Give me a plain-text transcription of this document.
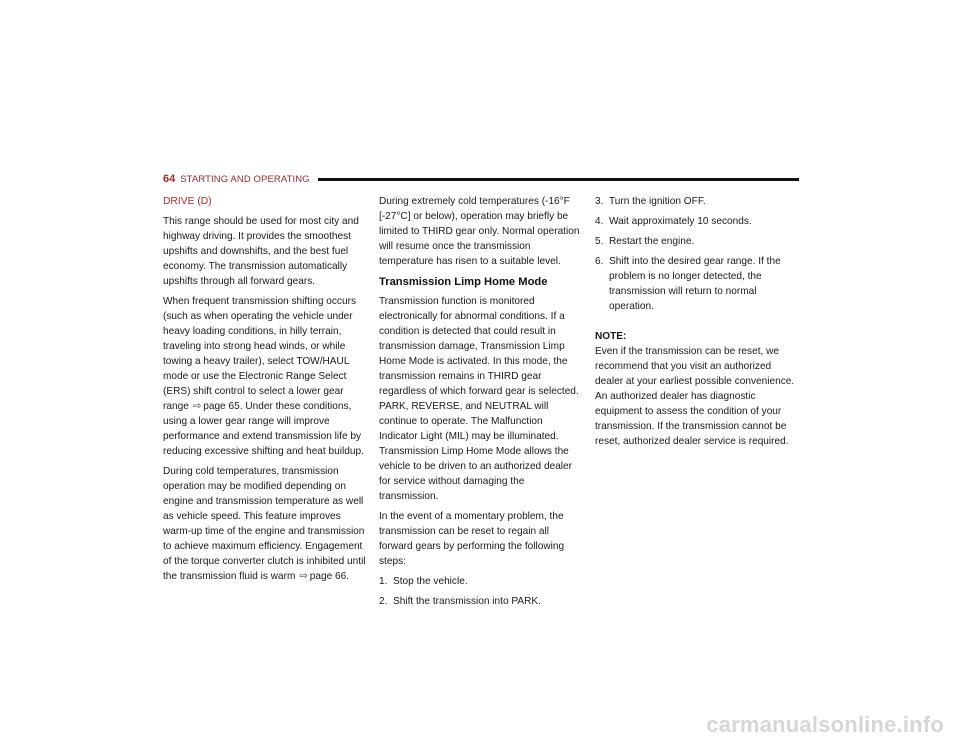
64 STARTING AND OPERATING
DRIVE (D)

This range should be used for most city and highway driving. It provides the smoothest upshifts and downshifts, and the best fuel economy. The transmission automatically upshifts through all forward gears.

When frequent transmission shifting occurs (such as when operating the vehicle under heavy loading conditions, in hilly terrain, traveling into strong head winds, or while towing a heavy trailer), select TOW/HAUL mode or use the Electronic Range Select (ERS) shift control to select a lower gear range ⇨ page 65. Under these conditions, using a lower gear range will improve performance and extend transmission life by reducing excessive shifting and heat buildup.

During cold temperatures, transmission operation may be modified depending on engine and transmission temperature as well as vehicle speed. This feature improves warm-up time of the engine and transmission to achieve maximum efficiency. Engagement of the torque converter clutch is inhibited until the transmission fluid is warm ⇨ page 66.

During extremely cold temperatures (-16°F [-27°C] or below), operation may briefly be limited to THIRD gear only. Normal operation will resume once the transmission temperature has risen to a suitable level.

Transmission Limp Home Mode

Transmission function is monitored electronically for abnormal conditions. If a condition is detected that could result in transmission damage, Transmission Limp Home Mode is activated. In this mode, the transmission remains in THIRD gear regardless of which forward gear is selected. PARK, REVERSE, and NEUTRAL will continue to operate. The Malfunction Indicator Light (MIL) may be illuminated. Transmission Limp Home Mode allows the vehicle to be driven to an authorized dealer for service without damaging the transmission.

In the event of a momentary problem, the transmission can be reset to regain all forward gears by performing the following steps:

1. Stop the vehicle.
2. Shift the transmission into PARK.
3. Turn the ignition OFF.
4. Wait approximately 10 seconds.
5. Restart the engine.
6. Shift into the desired gear range. If the problem is no longer detected, the transmission will return to normal operation.
NOTE:

Even if the transmission can be reset, we recommend that you visit an authorized dealer at your earliest possible convenience. An authorized dealer has diagnostic equipment to assess the condition of your transmission. If the transmission cannot be reset, authorized dealer service is required.

carmanualsonline.info
